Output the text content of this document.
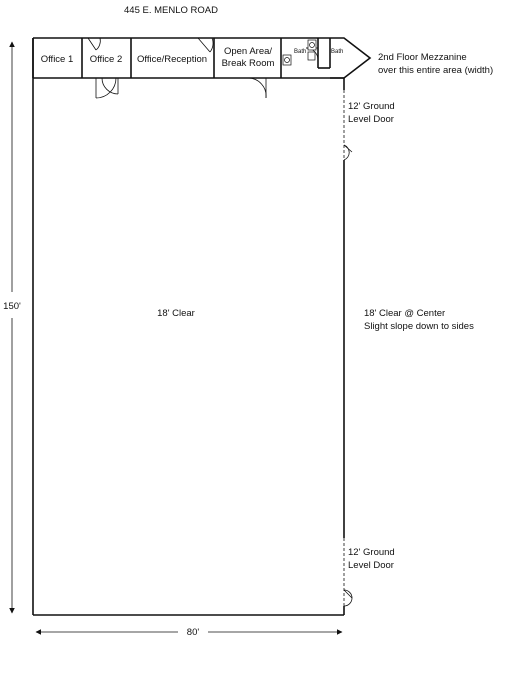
445 E. MENLO ROAD
Office 1 Office 2 Office/Reception
Open Area/
Break Room
Bath	Bath	2nd Floor Mezzanine
over this entire area (width)
12' Ground
Level Door
12' Ground
Level Door
18' Clear	18' Clear @ Center
Slight slope down to sides
150'
80'
